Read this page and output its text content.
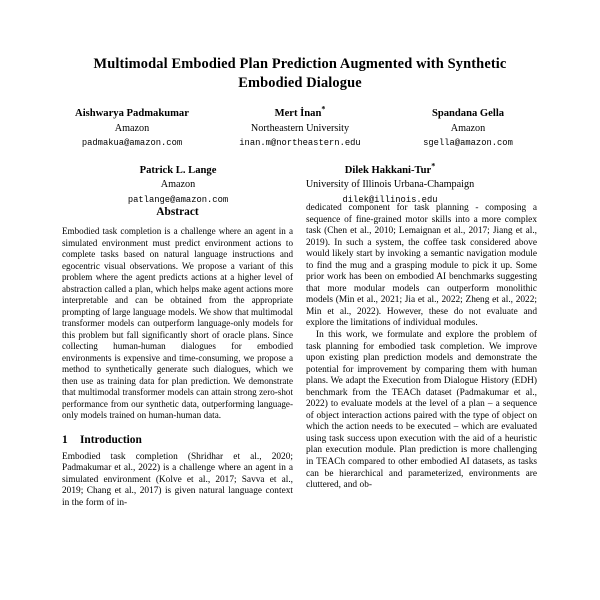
Multimodal Embodied Plan Prediction Augmented with Synthetic Embodied Dialogue
Aishwarya Padmakumar
Amazon
padmakua@amazon.com
Mert İnan*
Northeastern University
inan.m@northeastern.edu
Spandana Gella
Amazon
sgella@amazon.com
Patrick L. Lange
Amazon
patlange@amazon.com
Dilek Hakkani-Tur*
University of Illinois Urbana-Champaign
dilek@illinois.edu
Abstract

Embodied task completion is a challenge where an agent in a simulated environment must predict environment actions to complete tasks based on natural language instructions and egocentric visual observations. We propose a variant of this problem where the agent predicts actions at a higher level of abstraction called a plan, which helps make agent actions more interpretable and can be obtained from the appropriate prompting of large language models. We show that multimodal transformer models can outperform language-only models for this problem but fall significantly short of oracle plans. Since collecting human-human dialogues for embodied environments is expensive and time-consuming, we propose a method to synthetically generate such dialogues, which we then use as training data for plan prediction. We demonstrate that multimodal transformer models can attain strong zero-shot performance from our synthetic data, outperforming language-only models trained on human-human data.

1 Introduction

Embodied task completion (Shridhar et al., 2020; Padmakumar et al., 2022) is a challenge where an agent in a simulated environment (Kolve et al., 2017; Savva et al., 2019; Chang et al., 2017) is given natural language context in the form of in-

dedicated component for task planning - composing a sequence of fine-grained motor skills into a more complex task (Chen et al., 2010; Lemaignan et al., 2017; Jiang et al., 2019). In such a system, the coffee task considered above would likely start by invoking a semantic navigation module to find the mug and a grasping module to pick it up. Some prior work has been on embodied AI benchmarks suggesting that more modular models can outperform monolithic models (Min et al., 2021; Jia et al., 2022; Zheng et al., 2022; Min et al., 2022). However, these do not evaluate and explore the limitations of individual modules.

In this work, we formulate and explore the problem of task planning for embodied task completion. We improve upon existing plan prediction models and demonstrate the potential for improvement by comparing them with human plans. We adapt the Execution from Dialogue History (EDH) benchmark from the TEACh dataset (Padmakumar et al., 2022) to evaluate models at the level of a plan – a sequence of object interaction actions paired with the type of object on which the action needs to be executed – which are evaluated using task success upon execution with the aid of a heuristic plan execution module. Plan prediction is more challenging in TEACh compared to other embodied AI datasets, as tasks can be hierarchical and parameterized, environments are cluttered, and ob-
